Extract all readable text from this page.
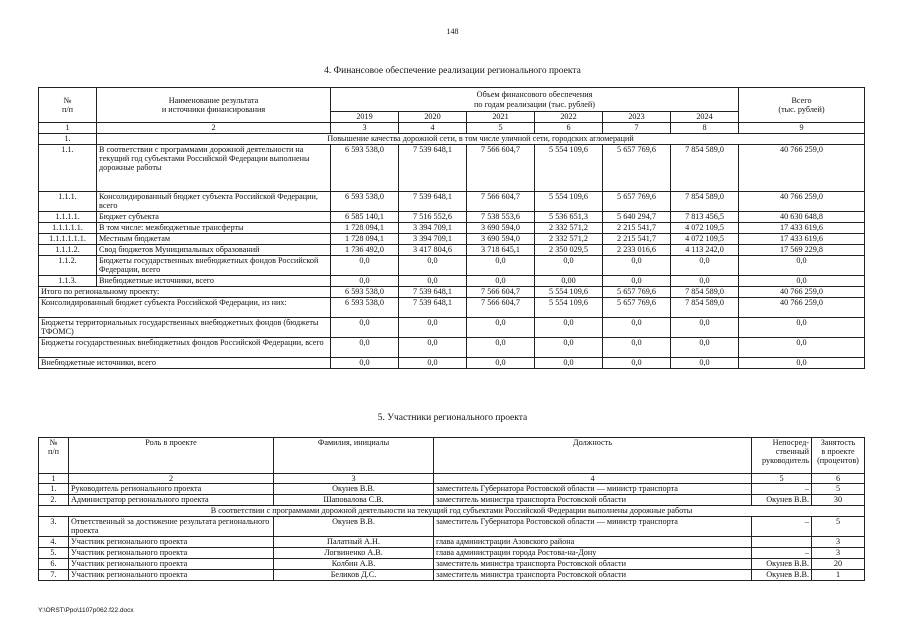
148
4. Финансовое обеспечение реализации регионального проекта
№
п/п	Наименование результата
и источники финансирования	Объем финансового обеспечения
по годам реализации (тыс. рублей)						Всего
(тыс. рублей)
		2019	2020	2021	2022	2023	2024	
1	2	3	4	5	6	7	8	9
1.	Повышение качества дорожной сети, в том числе уличной сети, городских агломераций							
1.1.	В соответствии с программами дорожной деятельности на текущий год субъектами Российской Федерации выполнены дорожные работы	6 593 538,0	7 539 648,1	7 566 604,7	5 554 109,6	5 657 769,6	7 854 589,0	40 766 259,0
1.1.1.	Консолидированный бюджет субъекта Российской Федерации, всего	6 593 538,0	7 539 648,1	7 566 604,7	5 554 109,6	5 657 769,6	7 854 589,0	40 766 259,0
1.1.1.1.	Бюджет субъекта	6 585 140,1	7 516 552,6	7 538 553,6	5 536 651,3	5 640 294,7	7 813 456,5	40 630 648,8
1.1.1.1.1.	В том числе: межбюджетные трансферты	1 728 094,1	3 394 709,1	3 690 594,0	2 332 571,2	2 215 541,7	4 072 109,5	17 433 619,6
1.1.1.1.1.1.	Местным бюджетам	1 728 094,1	3 394 709,1	3 690 594,0	2 332 571,2	2 215 541,7	4 072 109,5	17 433 619,6
1.1.1.2.	Свод бюджетов Муниципальных образований	1 736 492,0	3 417 804,6	3 718 645,1	2 350 029,5	2 233 016,6	4 113 242,0	17 569 229,8
1.1.2.	Бюджеты государственных внебюджетных фондов Российской Федерации, всего	0,0	0,0	0,0	0,0	0,0	0,0	0,0
1.1.3.	Внебюджетные источники, всего	0,0	0,0	0,0	0,00	0,0	0,0	0,0
Итого по региональному проекту:		6 593 538,0	7 539 648,1	7 566 604,7	5 554 109,6	5 657 769,6	7 854 589,0	40 766 259,0
Консолидированный бюджет субъекта Российской Федерации, из них:		6 593 538,0	7 539 648,1	7 566 604,7	5 554 109,6	5 657 769,6	7 854 589,0	40 766 259,0
Бюджеты территориальных государственных внебюджетных фондов (бюджеты ТФОМС)		0,0	0,0	0,0	0,0	0,0	0,0	0,0
Бюджеты государственных внебюджетных фондов Российской Федерации, всего		0,0	0,0	0,0	0,0	0,0	0,0	0,0
Внебюджетные источники, всего		0,0	0,0	0,0	0,0	0,0	0,0	0,0
5. Участники регионального проекта
№
п/п	Роль в проекте	Фамилия, инициалы	Должность	Непосред-
ственный
руководитель	Занятость
в проекте
(процентов)
1	2	3	4	5	6
1.	Руководитель регионального проекта	Окунев В.В.	заместитель Губернатора Ростовской области — министр транспорта	–	5
2.	Администратор регионального проекта	Шаповалова С.В.	заместитель министра транспорта Ростовской области	Окунев В.В.	30
В соответствии с программами дорожной деятельности на текущий год субъектами Российской Федерации выполнены дорожные работы					
3.	Ответственный за достижение результата регионального проекта	Окунев В.В.	заместитель Губернатора Ростовской области — министр транспорта	–	5
4.	Участник регионального проекта	Палатный А.Н.	глава администрации Азовского района		3
5.	Участник регионального проекта	Логвиненко А.В.	глава администрации города Ростова-на-Дону	–	3
6.	Участник регионального проекта	Колбин А.В.	заместитель министра транспорта Ростовской области	Окунев В.В.	20
7.	Участник регионального проекта	Беликов Д.С.	заместитель министра транспорта Ростовской области	Окунев В.В.	1
Y:\ORST\Ppo\1107p062.f22.docx
